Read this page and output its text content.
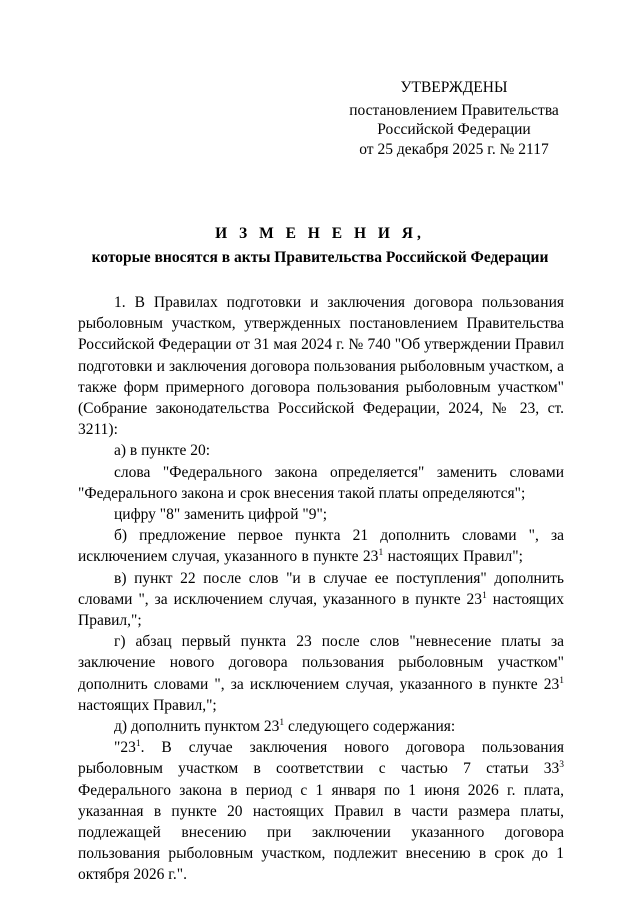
УТВЕРЖДЕНЫ
постановлением Правительства
Российской Федерации
от 25 декабря 2025 г. № 2117
И З М Е Н Е Н И Я,
которые вносятся в акты Правительства Российской Федерации

1. В Правилах подготовки и заключения договора пользования рыболовным участком, утвержденных постановлением Правительства Российской Федерации от 31 мая 2024 г. № 740 "Об утверждении Правил подготовки и заключения договора пользования рыболовным участком, а также форм примерного договора пользования рыболовным участком" (Собрание законодательства Российской Федерации, 2024, № 23, ст. 3211):

а) в пункте 20:

слова "Федерального закона определяется" заменить словами "Федерального закона и срок внесения такой платы определяются";

цифру "8" заменить цифрой "9";

б) предложение первое пункта 21 дополнить словами ", за исключением случая, указанного в пункте $23^1$ настоящих Правил";

в) пункт 22 после слов "и в случае ее поступления" дополнить словами ", за исключением случая, указанного в пункте $23^1$ настоящих Правил,";

г) абзац первый пункта 23 после слов "невнесение платы за заключение нового договора пользования рыболовным участком" дополнить словами ", за исключением случая, указанного в пункте $23^1$ настоящих Правил,";

д) дополнить пунктом $23^1$ следующего содержания:

"$23^1$. В случае заключения нового договора пользования рыболовным участком в соответствии с частью 7 статьи $33^3$ Федерального закона в период с 1 января по 1 июня 2026 г. плата, указанная в пункте 20 настоящих Правил в части размера платы, подлежащей внесению при заключении указанного договора пользования рыболовным участком, подлежит внесению в срок до 1 октября 2026 г.".
